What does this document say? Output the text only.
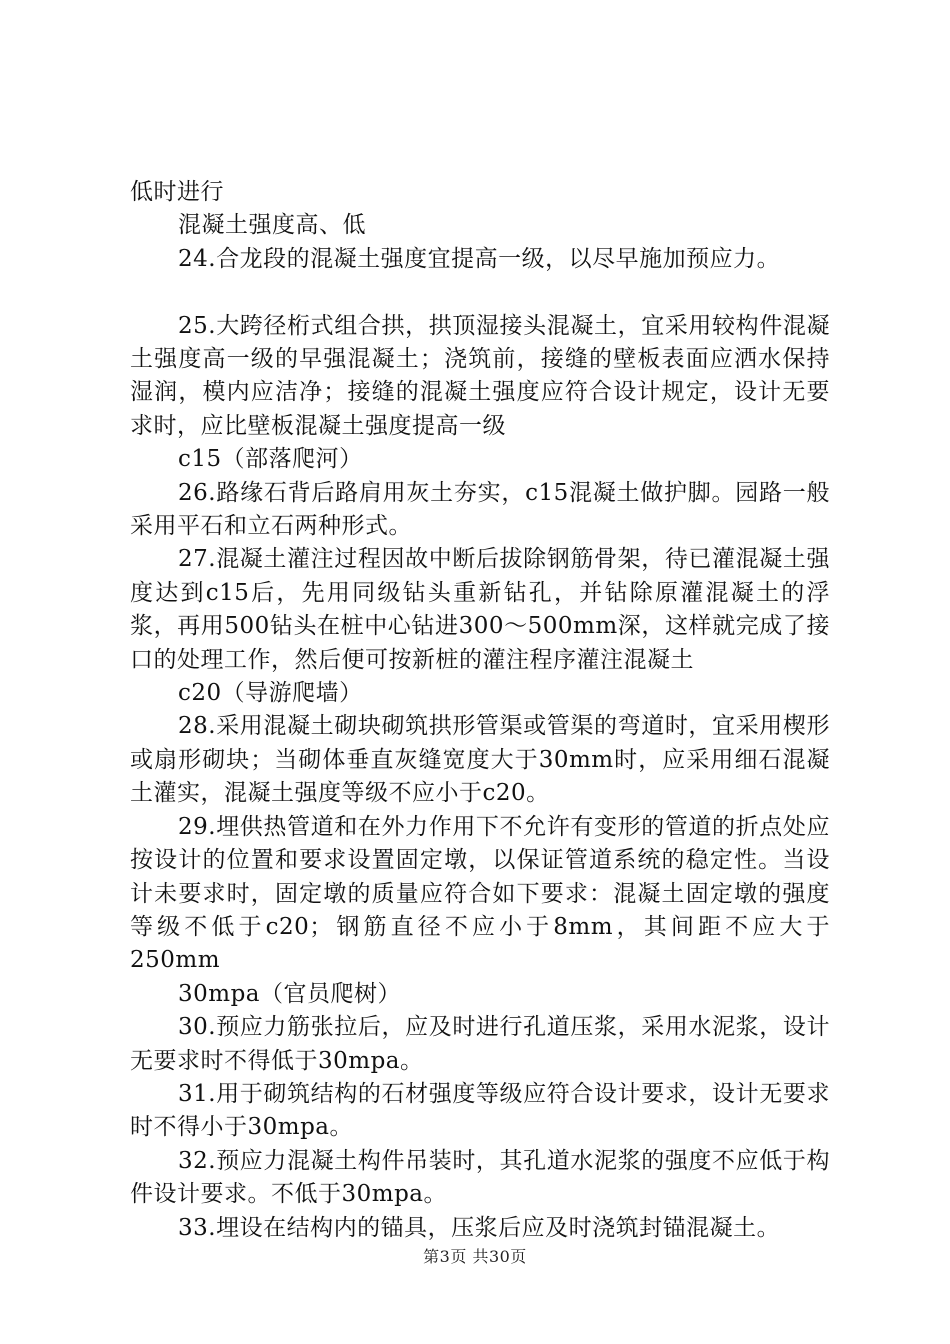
低时进行

混凝土强度高、低

24.合龙段的混凝土强度宜提高一级，以尽早施加预应力。

25.大跨径桁式组合拱，拱顶湿接头混凝土，宜采用较构件混凝土强度高一级的早强混凝土；浇筑前，接缝的壁板表面应洒水保持湿润，模内应洁净；接缝的混凝土强度应符合设计规定，设计无要求时，应比壁板混凝土强度提高一级

c15（部落爬河）

26.路缘石背后路肩用灰土夯实，c15混凝土做护脚。园路一般采用平石和立石两种形式。

27.混凝土灌注过程因故中断后拔除钢筋骨架，待已灌混凝土强度达到c15后，先用同级钻头重新钻孔，并钻除原灌混凝土的浮浆，再用500钻头在桩中心钻进300～500mm深，这样就完成了接口的处理工作，然后便可按新桩的灌注程序灌注混凝土

c20（导游爬墙）

28.采用混凝土砌块砌筑拱形管渠或管渠的弯道时，宜采用楔形或扇形砌块；当砌体垂直灰缝宽度大于30mm时，应采用细石混凝土灌实，混凝土强度等级不应小于c20。

29.埋供热管道和在外力作用下不允许有变形的管道的折点处应按设计的位置和要求设置固定墩，以保证管道系统的稳定性。当设计未要求时，固定墩的质量应符合如下要求：混凝土固定墩的强度等级不低于c20；钢筋直径不应小于8mm，其间距不应大于250mm

30mpa（官员爬树）

30.预应力筋张拉后，应及时进行孔道压浆，采用水泥浆，设计无要求时不得低于30mpa。

31.用于砌筑结构的石材强度等级应符合设计要求，设计无要求时不得小于30mpa。

32.预应力混凝土构件吊装时，其孔道水泥浆的强度不应低于构件设计要求。不低于30mpa。

33.埋设在结构内的锚具，压浆后应及时浇筑封锚混凝土。

第3页 共30页
